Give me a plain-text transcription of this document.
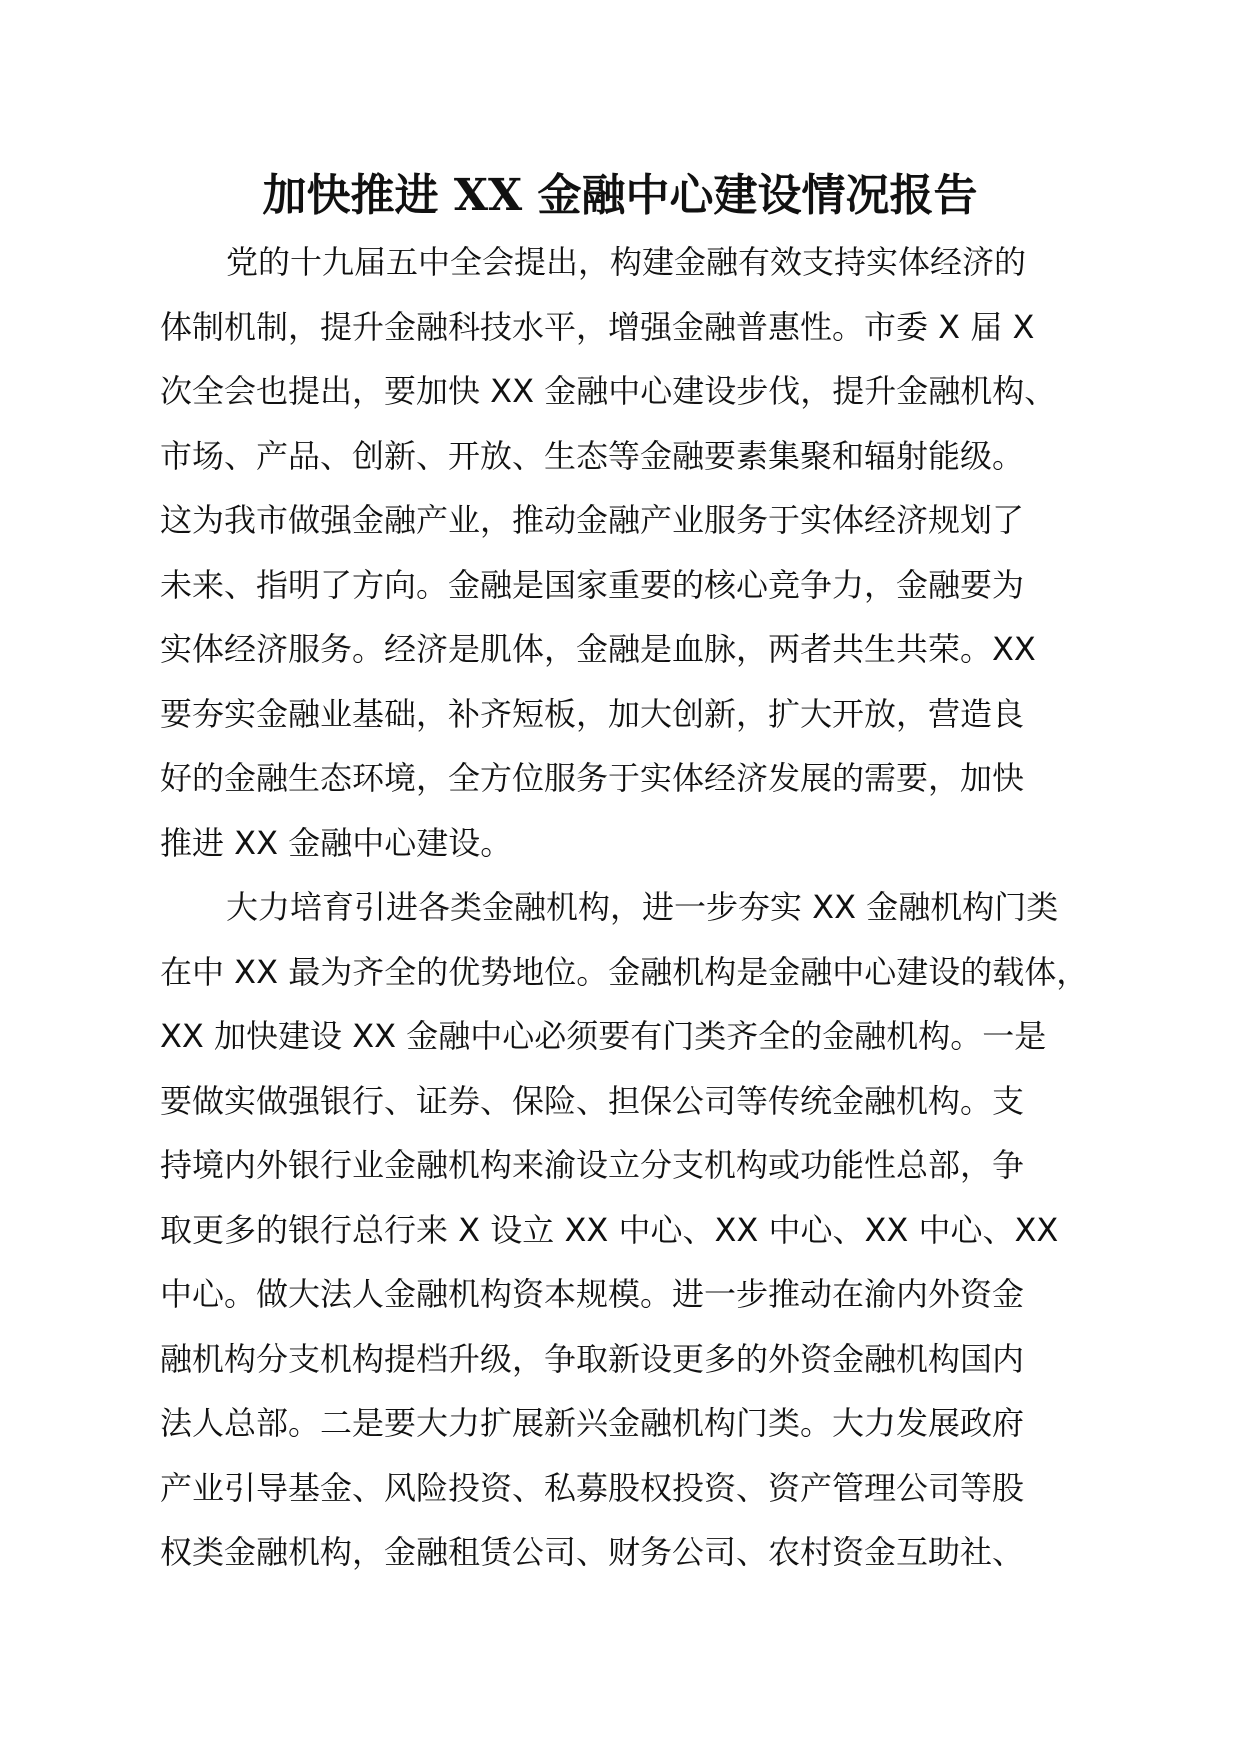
加快推进 XX 金融中心建设情况报告
党的十九届五中全会提出，构建金融有效支持实体经济的
体制机制，提升金融科技水平，增强金融普惠性。市委 X 届 X
次全会也提出，要加快 XX 金融中心建设步伐，提升金融机构、
市场、产品、创新、开放、生态等金融要素集聚和辐射能级。
这为我市做强金融产业，推动金融产业服务于实体经济规划了
未来、指明了方向。金融是国家重要的核心竞争力，金融要为
实体经济服务。经济是肌体，金融是血脉，两者共生共荣。XX
要夯实金融业基础，补齐短板，加大创新，扩大开放，营造良
好的金融生态环境，全方位服务于实体经济发展的需要，加快
推进 XX 金融中心建设。
大力培育引进各类金融机构，进一步夯实 XX 金融机构门类
在中 XX 最为齐全的优势地位。金融机构是金融中心建设的载体，
XX 加快建设 XX 金融中心必须要有门类齐全的金融机构。一是
要做实做强银行、证券、保险、担保公司等传统金融机构。支
持境内外银行业金融机构来渝设立分支机构或功能性总部，争
取更多的银行总行来 X 设立 XX 中心、XX 中心、XX 中心、XX
中心。做大法人金融机构资本规模。进一步推动在渝内外资金
融机构分支机构提档升级，争取新设更多的外资金融机构国内
法人总部。二是要大力扩展新兴金融机构门类。大力发展政府
产业引导基金、风险投资、私募股权投资、资产管理公司等股
权类金融机构，金融租赁公司、财务公司、农村资金互助社、
